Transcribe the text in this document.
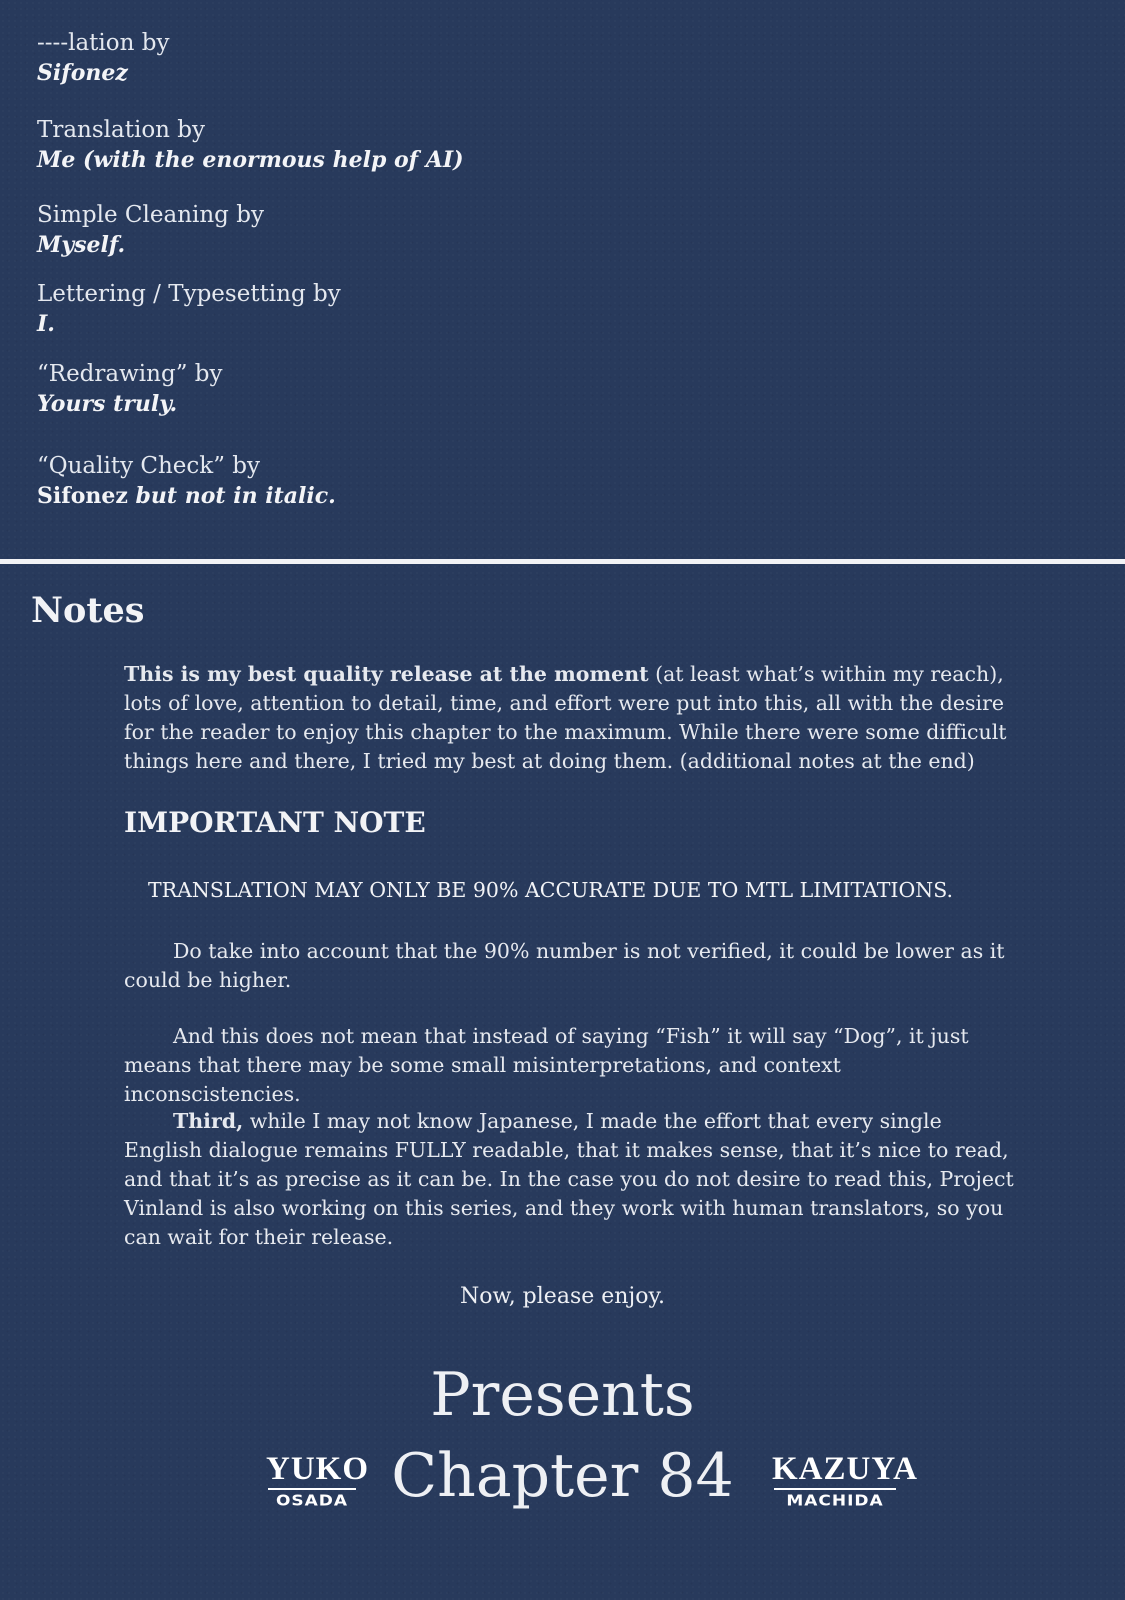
----lation by
Sifonez
Translation by
Me (with the enormous help of AI)
Simple Cleaning by
Myself.
Lettering / Typesetting by
I.
“Redrawing” by
Yours truly.
“Quality Check” by
Sifonez but not in italic.
Notes
This is my best quality release at the moment (at least what’s within my reach), lots of love, attention to detail, time, and effort were put into this, all with the desire for the reader to enjoy this chapter to the maximum. While there were some difficult things here and there, I tried my best at doing them. (additional notes at the end)
IMPORTANT NOTE
TRANSLATION MAY ONLY BE 90% ACCURATE DUE TO MTL LIMITATIONS.
Do take into account that the 90% number is not verified, it could be lower as it could be higher.
And this does not mean that instead of saying “Fish” it will say “Dog”, it just means that there may be some small misinterpretations, and context inconscistencies.
Third, while I may not know Japanese, I made the effort that every single English dialogue remains FULLY readable, that it makes sense, that it’s nice to read, and that it’s as precise as it can be. In the case you do not desire to read this, Project Vinland is also working on this series, and they work with human translators, so you can wait for their release.
Now, please enjoy.
Presents
Chapter 84
YUKO
OSADA
KAZUYA
MACHIDA
